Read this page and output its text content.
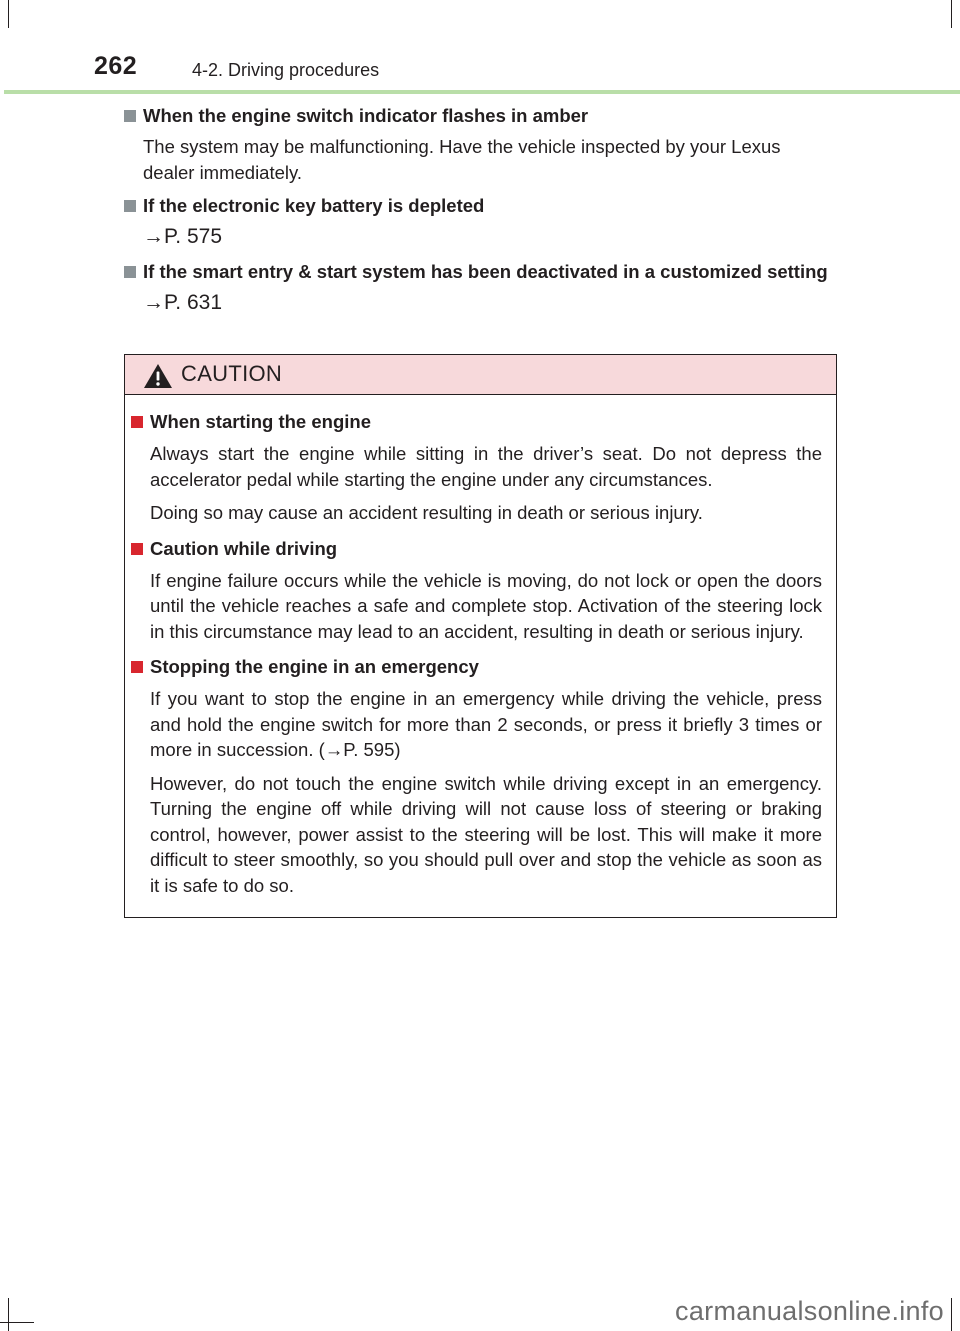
262	4-2. Driving procedures
When the engine switch indicator flashes in amber
The system may be malfunctioning. Have the vehicle inspected by your Lexus dealer immediately.
If the electronic key battery is depleted
→P. 575
If the smart entry & start system has been deactivated in a customized setting
→P. 631
CAUTION
When starting the engine

Always start the engine while sitting in the driver’s seat. Do not depress the accelerator pedal while starting the engine under any circumstances.

Doing so may cause an accident resulting in death or serious injury.

Caution while driving

If engine failure occurs while the vehicle is moving, do not lock or open the doors until the vehicle reaches a safe and complete stop. Activation of the steering lock in this circumstance may lead to an accident, resulting in death or serious injury.

Stopping the engine in an emergency

If you want to stop the engine in an emergency while driving the vehicle, press and hold the engine switch for more than 2 seconds, or press it briefly 3 times or more in succession. (→P. 595)

However, do not touch the engine switch while driving except in an emergency. Turning the engine off while driving will not cause loss of steering or braking control, however, power assist to the steering will be lost. This will make it more difficult to steer smoothly, so you should pull over and stop the vehicle as soon as it is safe to do so.

carmanualsonline.info
